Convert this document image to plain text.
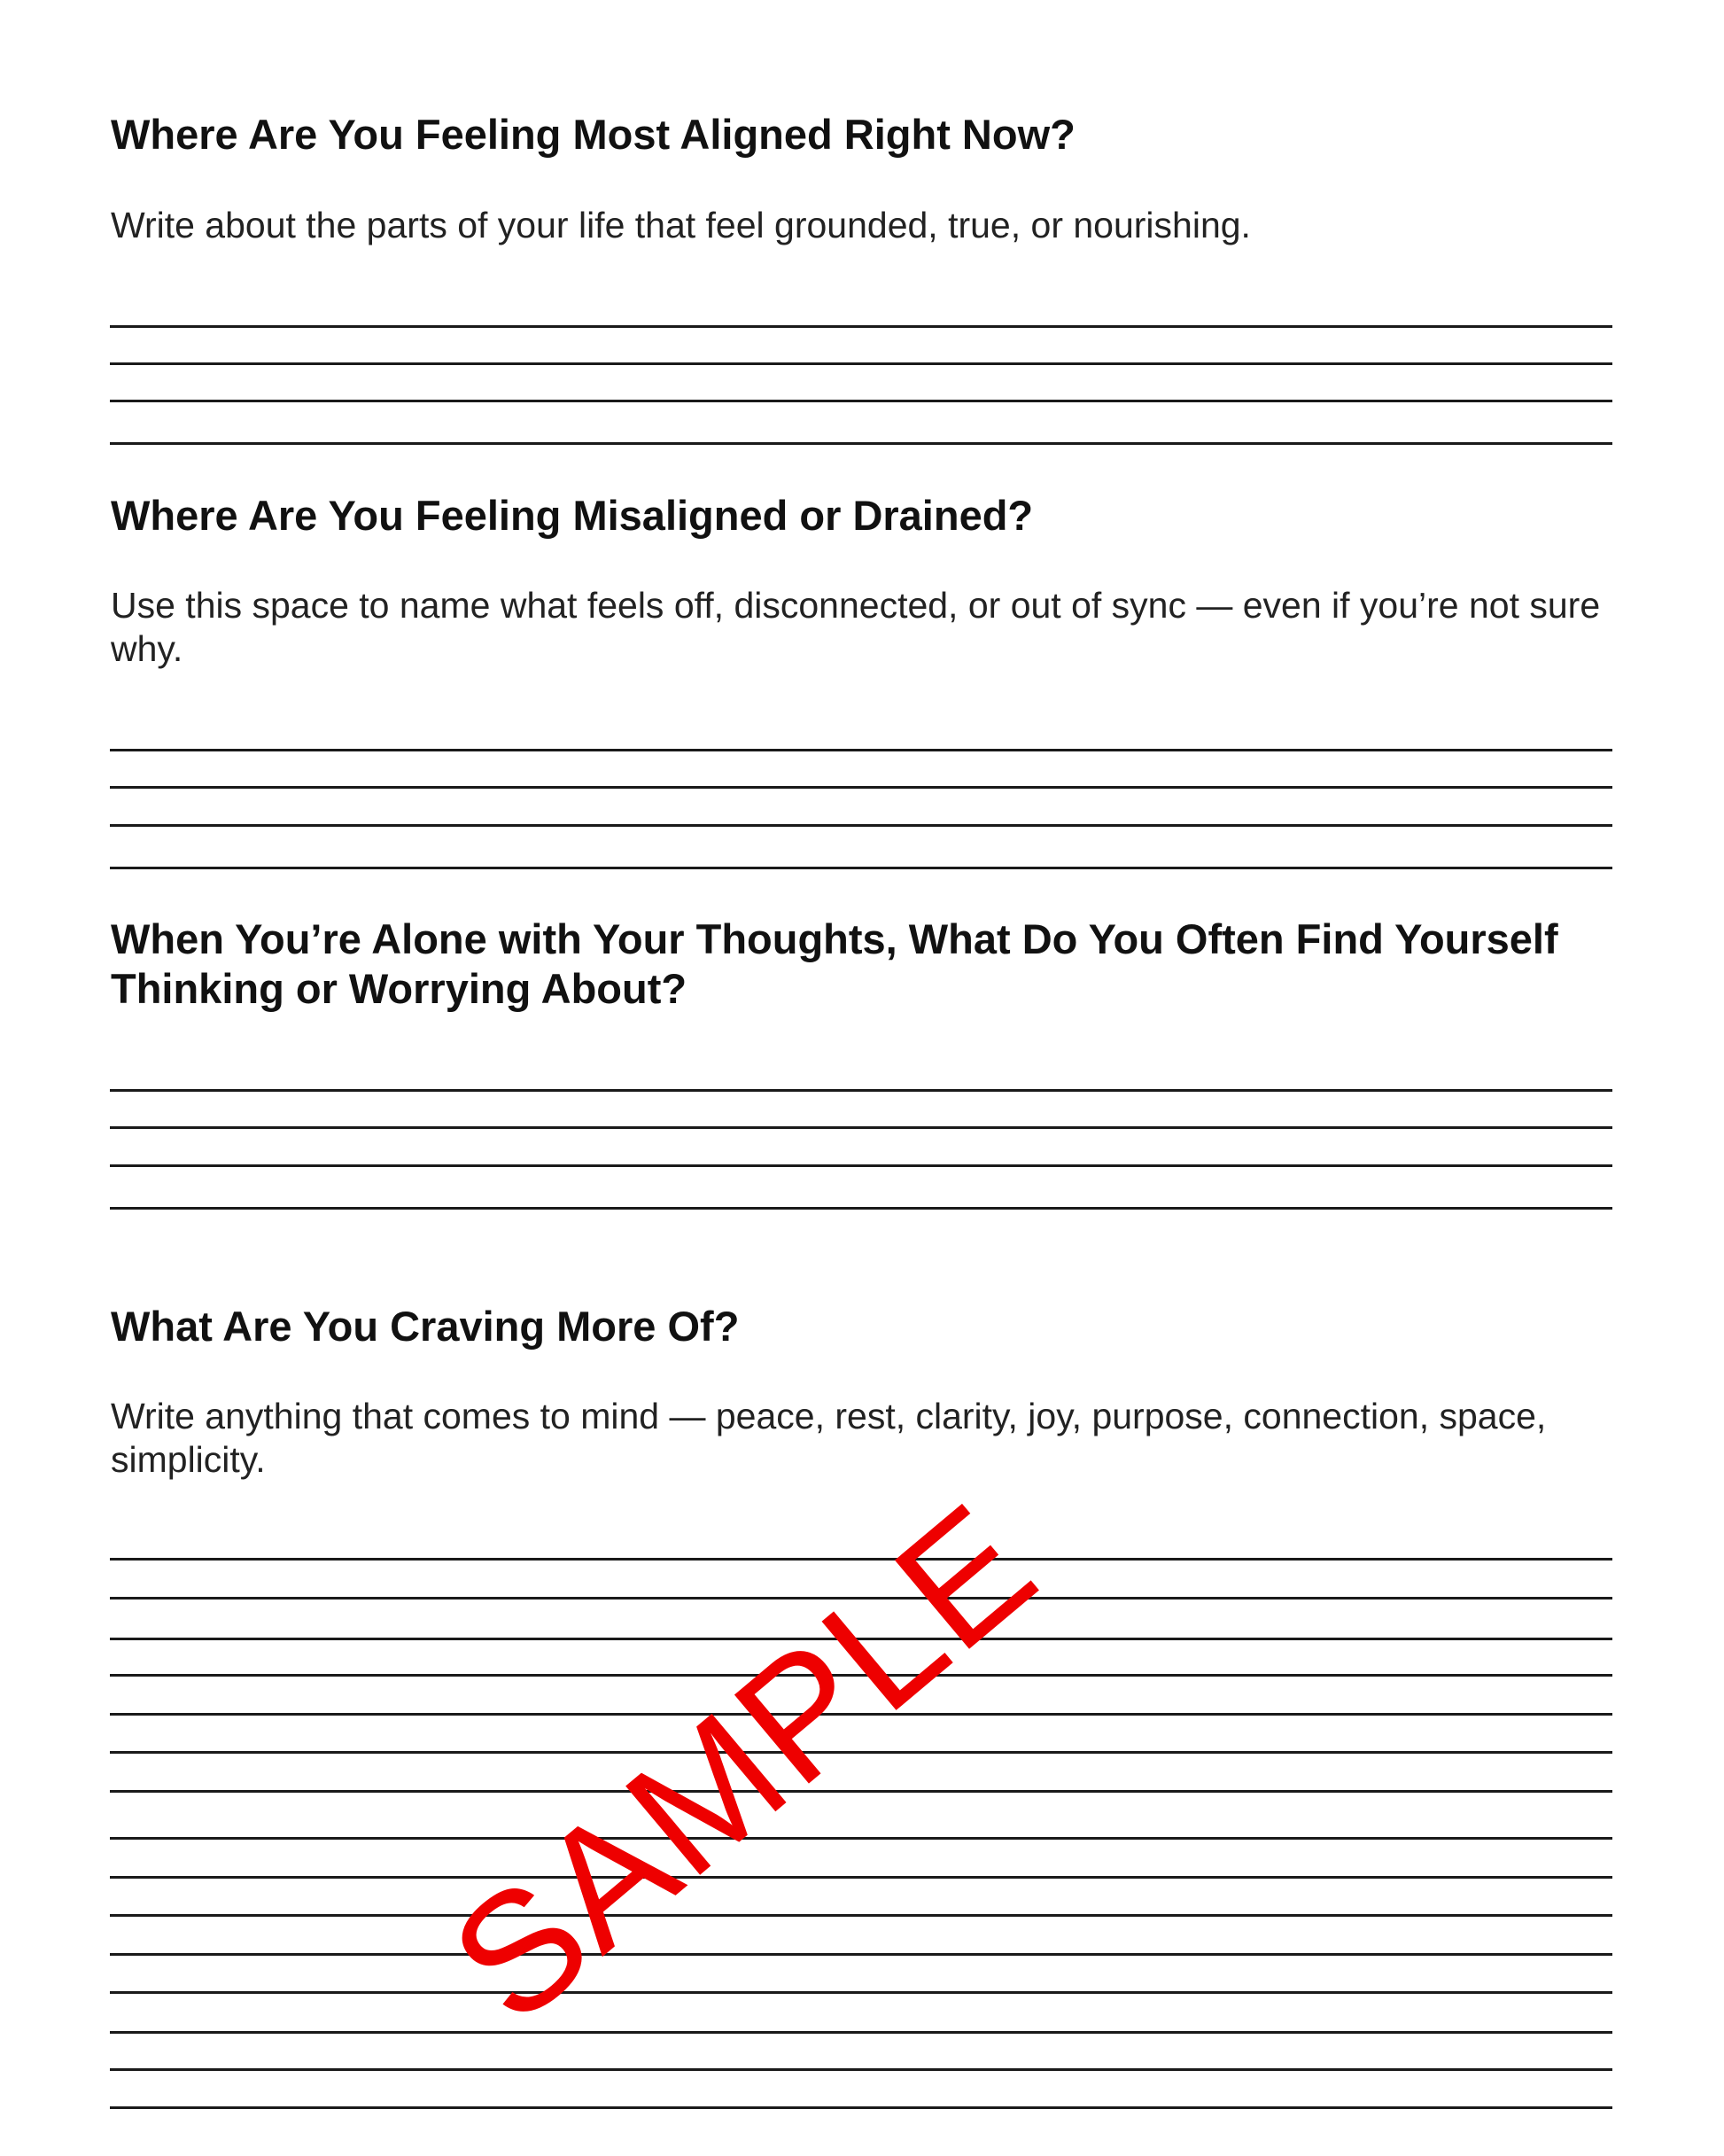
Where Are You Feeling Most Aligned Right Now?

Write about the parts of your life that feel grounded, true, or nourishing.

Where Are You Feeling Misaligned or Drained?

Use this space to name what feels off, disconnected, or out of sync — even if you’re not sure why.

When You’re Alone with Your Thoughts, What Do You Often Find Yourself Thinking or Worrying About?
What Are You Craving More Of?

Write anything that comes to mind — peace, rest, clarity, joy, purpose, connection, space, simplicity.

SAMPLE
